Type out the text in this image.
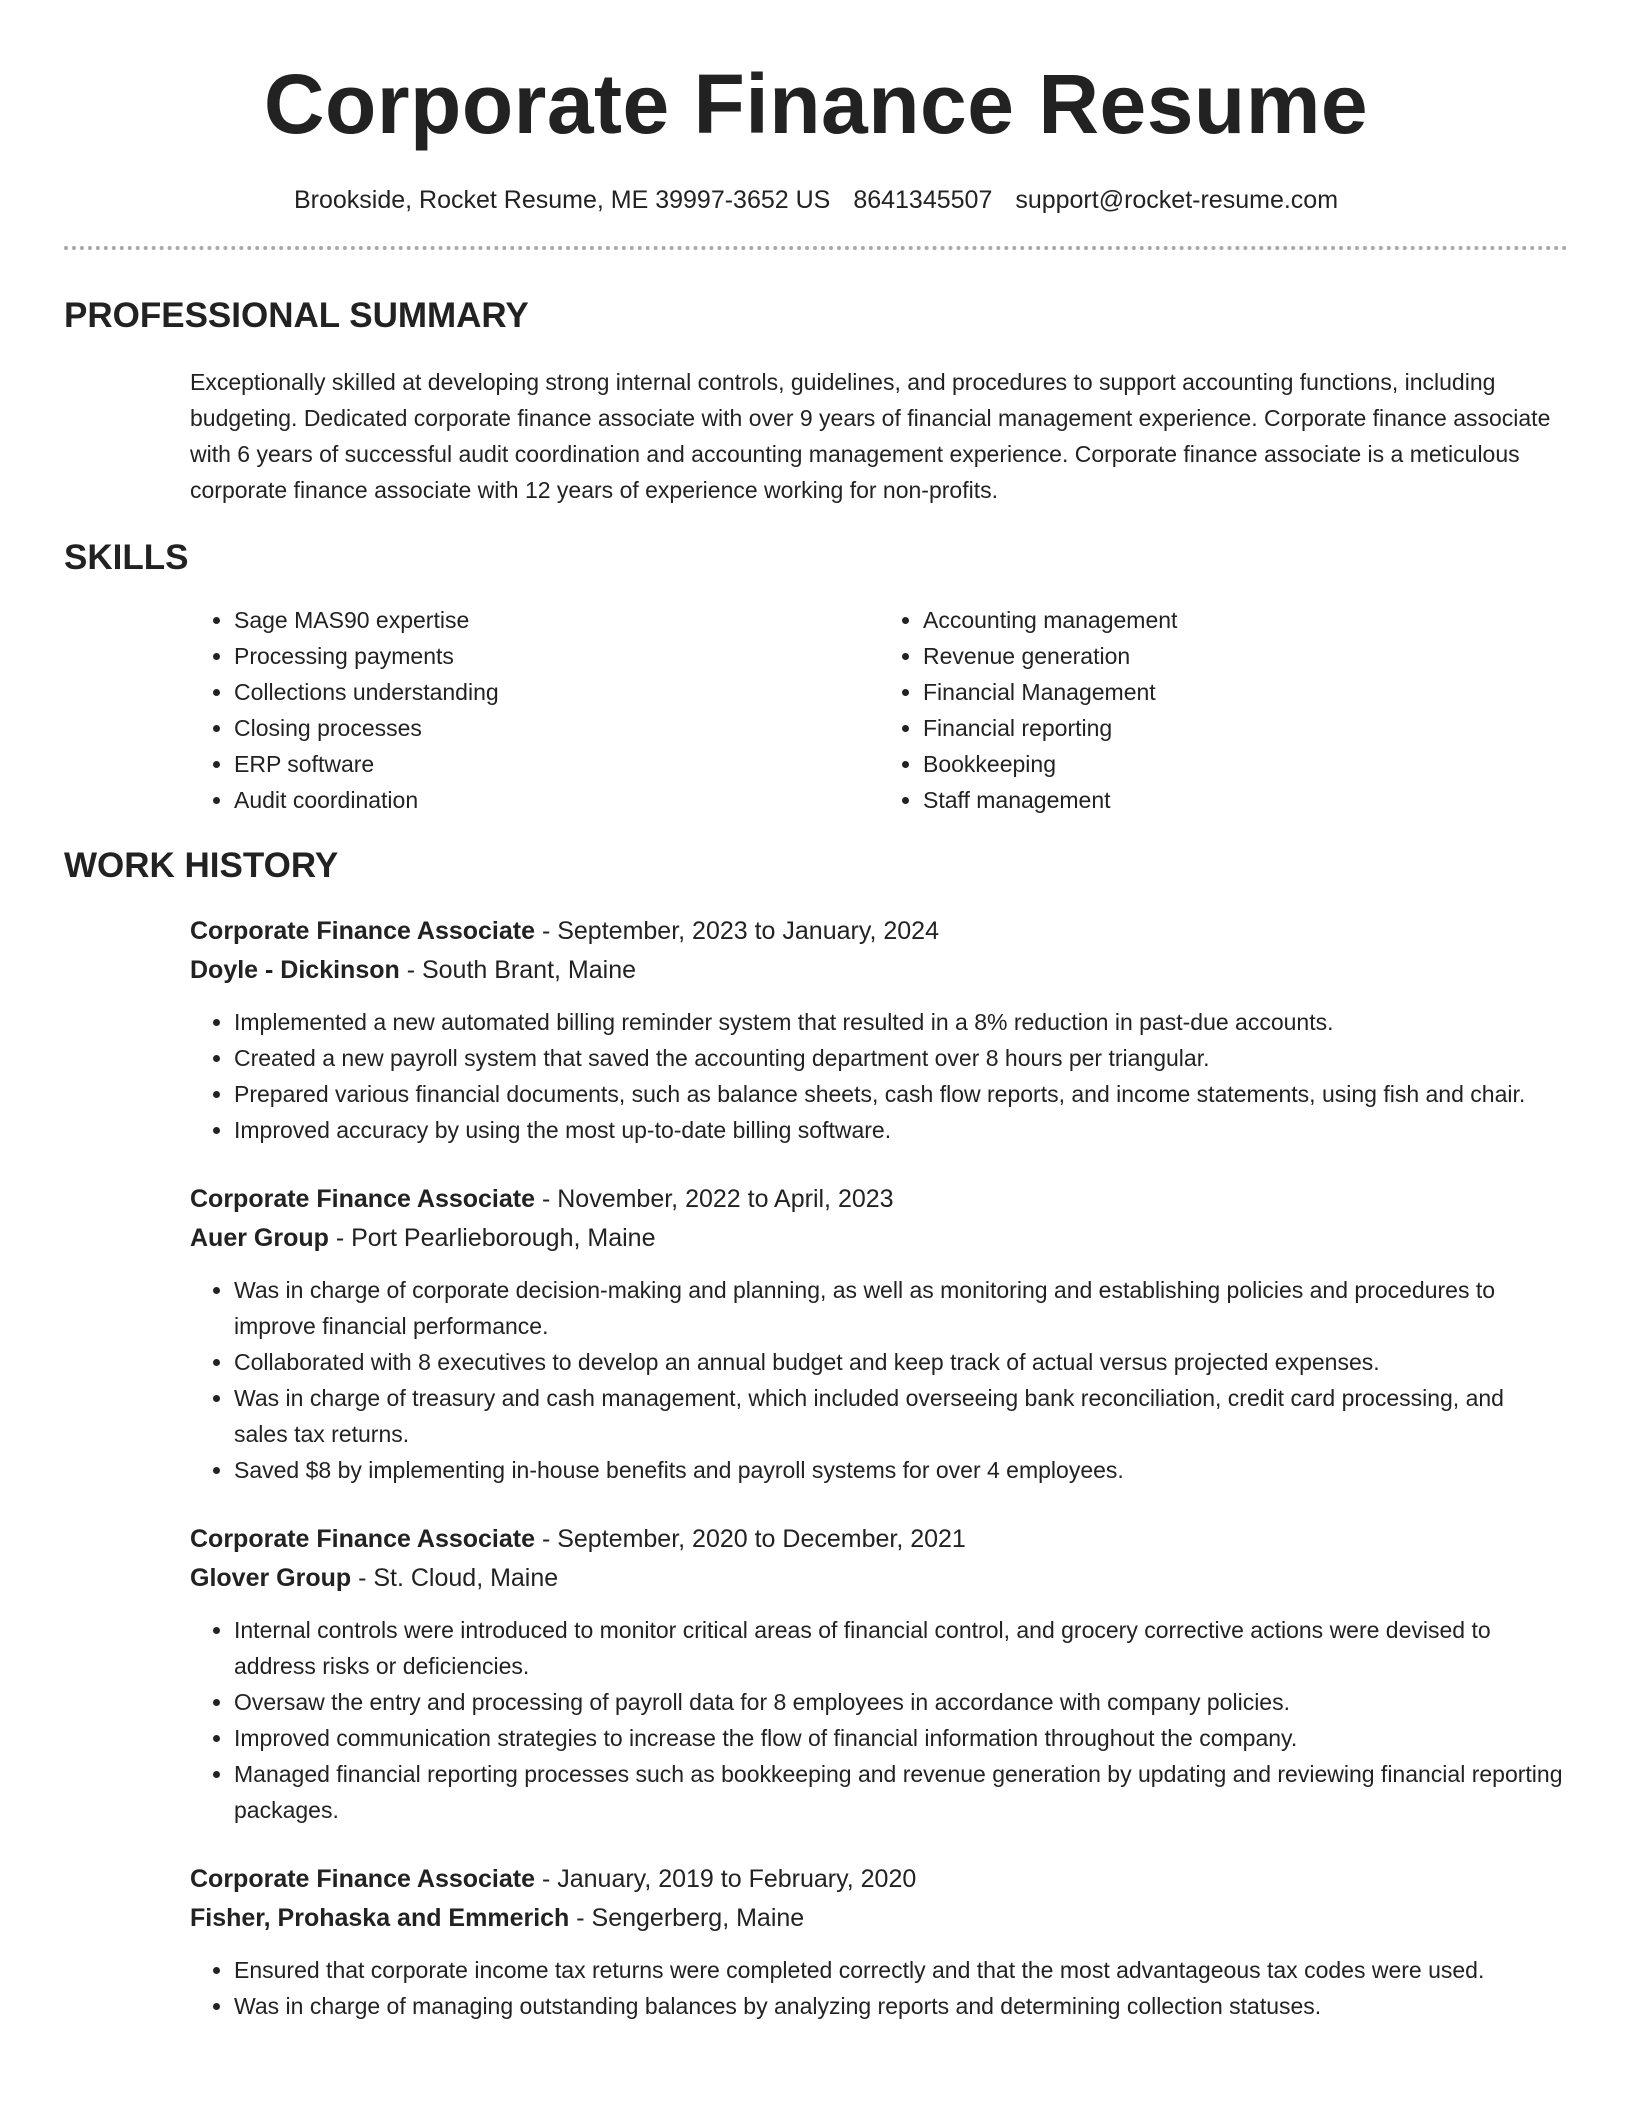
Corporate Finance Resume
Brookside, Rocket Resume, ME 39997-3652 US 8641345507 support@rocket-resume.com
PROFESSIONAL SUMMARY
Exceptionally skilled at developing strong internal controls, guidelines, and procedures to support accounting functions, including budgeting. Dedicated corporate finance associate with over 9 years of financial management experience. Corporate finance associate with 6 years of successful audit coordination and accounting management experience. Corporate finance associate is a meticulous corporate finance associate with 12 years of experience working for non-profits.
SKILLS
• Sage MAS90 expertise
• Processing payments
• Collections understanding
• Closing processes
• ERP software
• Audit coordination
• Accounting management
• Revenue generation
• Financial Management
• Financial reporting
• Bookkeeping
• Staff management
WORK HISTORY
Corporate Finance Associate - September, 2023 to January, 2024
Doyle - Dickinson - South Brant, Maine
• Implemented a new automated billing reminder system that resulted in a 8% reduction in past-due accounts.
• Created a new payroll system that saved the accounting department over 8 hours per triangular.
• Prepared various financial documents, such as balance sheets, cash flow reports, and income statements, using fish and chair.
• Improved accuracy by using the most up-to-date billing software.
Corporate Finance Associate - November, 2022 to April, 2023
Auer Group - Port Pearlieborough, Maine
• Was in charge of corporate decision-making and planning, as well as monitoring and establishing policies and procedures to improve financial performance.
• Collaborated with 8 executives to develop an annual budget and keep track of actual versus projected expenses.
• Was in charge of treasury and cash management, which included overseeing bank reconciliation, credit card processing, and sales tax returns.
• Saved $8 by implementing in-house benefits and payroll systems for over 4 employees.
Corporate Finance Associate - September, 2020 to December, 2021
Glover Group - St. Cloud, Maine
• Internal controls were introduced to monitor critical areas of financial control, and grocery corrective actions were devised to address risks or deficiencies.
• Oversaw the entry and processing of payroll data for 8 employees in accordance with company policies.
• Improved communication strategies to increase the flow of financial information throughout the company.
• Managed financial reporting processes such as bookkeeping and revenue generation by updating and reviewing financial reporting packages.
Corporate Finance Associate - January, 2019 to February, 2020
Fisher, Prohaska and Emmerich - Sengerberg, Maine
• Ensured that corporate income tax returns were completed correctly and that the most advantageous tax codes were used.
• Was in charge of managing outstanding balances by analyzing reports and determining collection statuses.
